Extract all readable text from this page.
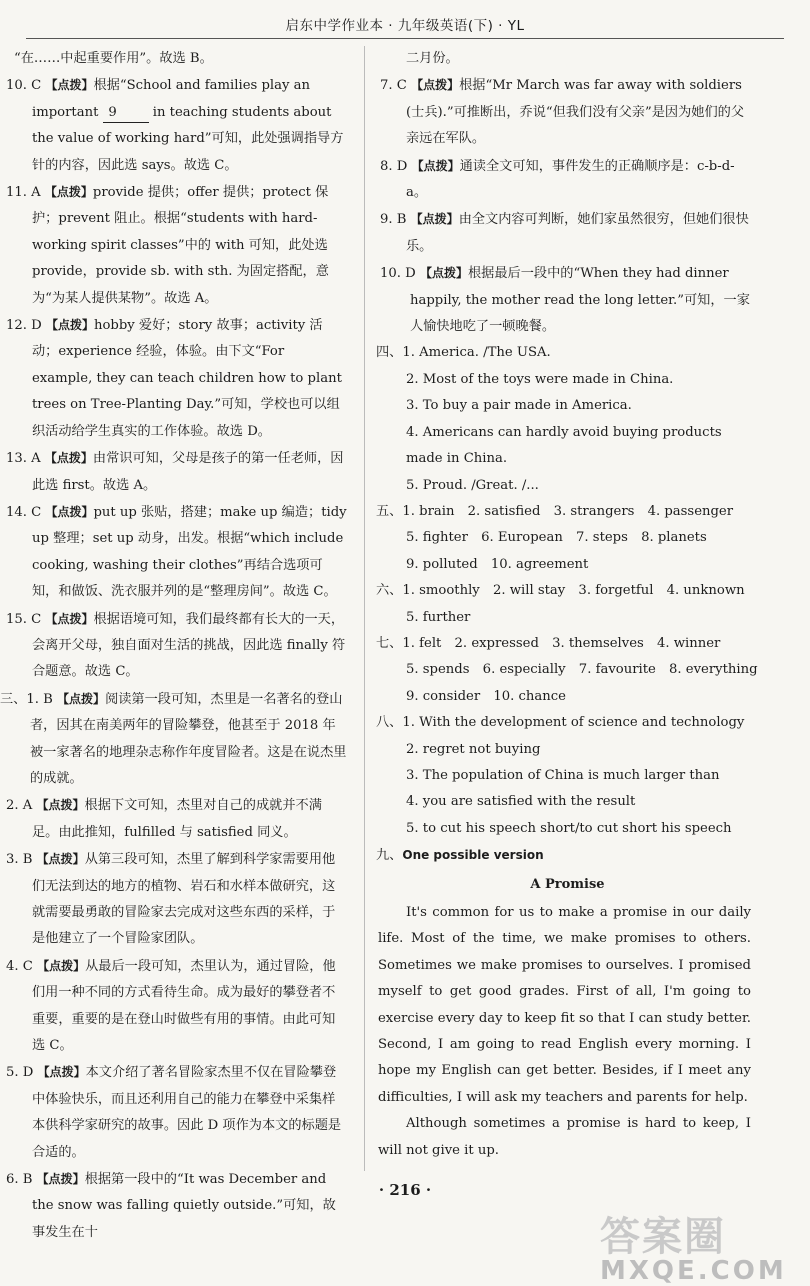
启东中学作业本 · 九年级英语(下) · YL
“在……中起重要作用”。故选 B。
10. C 【点拨】根据“School and families play an important 9	in teaching students about the value of working hard”可知，此处强调指导方针的内容，因此选 says。故选 C。
11. A 【点拨】provide 提供；offer 提供；protect 保护；prevent 阻止。根据“students with hard-working spirit classes”中的 with 可知，此处选 provide，provide sb. with sth. 为固定搭配，意为“为某人提供某物”。故选 A。
12. D 【点拨】hobby 爱好；story 故事；activity 活动；experience 经验，体验。由下文“For example, they can teach children how to plant trees on Tree-Planting Day.”可知，学校也可以组织活动给学生真实的工作体验。故选 D。
13. A 【点拨】由常识可知，父母是孩子的第一任老师，因此选 first。故选 A。
14. C 【点拨】put up 张贴，搭建；make up 编造；tidy up 整理；set up 动身，出发。根据“which include cooking, washing their clothes”再结合选项可知，和做饭、洗衣服并列的是“整理房间”。故选 C。
15. C 【点拨】根据语境可知，我们最终都有长大的一天，会离开父母，独自面对生活的挑战，因此选 finally 符合题意。故选 C。
三、1. B 【点拨】阅读第一段可知，杰里是一名著名的登山者，因其在南美两年的冒险攀登，他甚至于 2018 年被一家著名的地理杂志称作年度冒险者。这是在说杰里的成就。
2. A 【点拨】根据下文可知，杰里对自己的成就并不满足。由此推知，fulfilled 与 satisfied 同义。
3. B 【点拨】从第三段可知，杰里了解到科学家需要用他们无法到达的地方的植物、岩石和水样本做研究，这就需要最勇敢的冒险家去完成对这些东西的采样，于是他建立了一个冒险家团队。
4. C 【点拨】从最后一段可知，杰里认为，通过冒险，他们用一种不同的方式看待生命。成为最好的攀登者不重要，重要的是在登山时做些有用的事情。由此可知选 C。
5. D 【点拨】本文介绍了著名冒险家杰里不仅在冒险攀登中体验快乐，而且还利用自己的能力在攀登中采集样本供科学家研究的故事。因此 D 项作为本文的标题是合适的。
6. B 【点拨】根据第一段中的“It was December and the snow was falling quietly outside.”可知，故事发生在十
二月份。
7. C 【点拨】根据“Mr March was far away with soldiers (士兵).”可推断出，乔说“但我们没有父亲”是因为她们的父亲远在军队。
8. D 【点拨】通读全文可知，事件发生的正确顺序是：c-b-d-a。
9. B 【点拨】由全文内容可判断，她们家虽然很穷，但她们很快乐。
10. D 【点拨】根据最后一段中的“When they had dinner happily, the mother read the long letter.”可知，一家人愉快地吃了一顿晚餐。
四、1. America. /The USA.
2. Most of the toys were made in China.
3. To buy a pair made in America.
4. Americans can hardly avoid buying products made in China.
5. Proud. /Great. /...
五、1. brain　2. satisfied　3. strangers　4. passenger
5. fighter　6. European　7. steps　8. planets
9. polluted　10. agreement
六、1. smoothly　2. will stay　3. forgetful　4. unknown
5. further
七、1. felt　2. expressed　3. themselves　4. winner
5. spends　6. especially　7. favourite　8. everything
9. consider　10. chance
八、1. With the development of science and technology
2. regret not buying
3. The population of China is much larger than
4. you are satisfied with the result
5. to cut his speech short/to cut short his speech
九、One possible version
A Promise
It's common for us to make a promise in our daily life. Most of the time, we make promises to others. Sometimes we make promises to ourselves. I promised myself to get good grades. First of all, I'm going to exercise every day to keep fit so that I can study better. Second, I am going to read English every morning. I hope my English can get better. Besides, if I meet any difficulties, I will ask my teachers and parents for help.
Although sometimes a promise is hard to keep, I will not give it up.
· 216 ·
答案圈
MXQE.COM
